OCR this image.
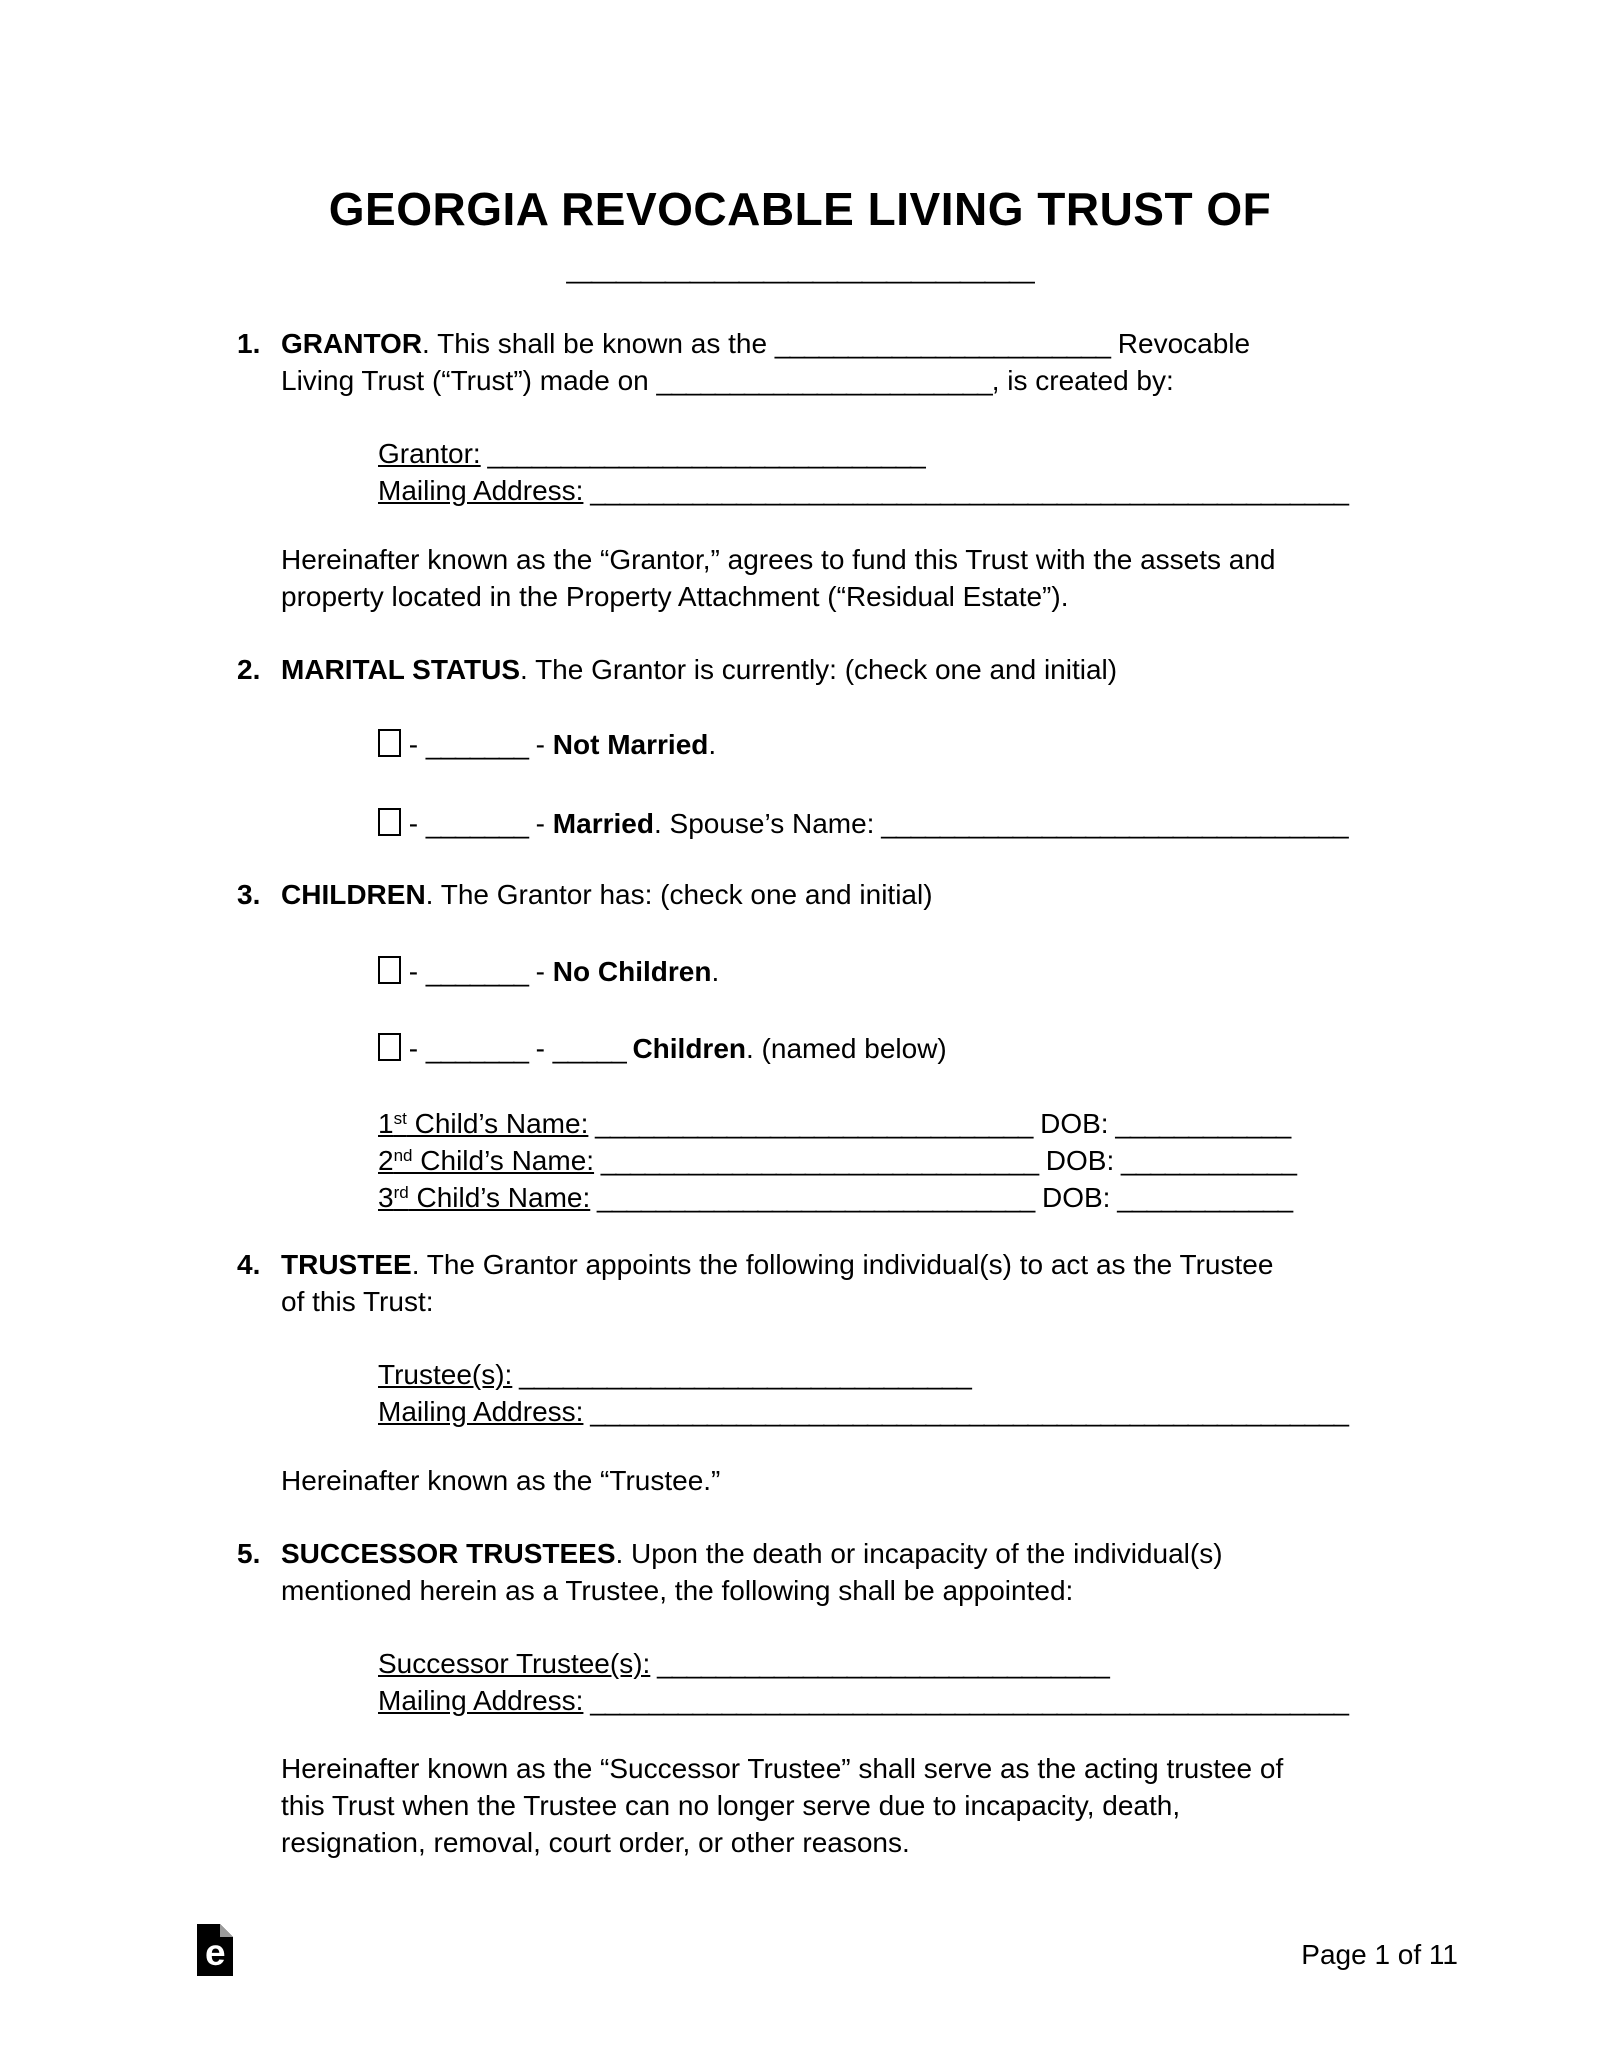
GEORGIA REVOCABLE LIVING TRUST OF
___________________
1. GRANTOR. This shall be known as the _______________________ Revocable
Living Trust (“Trust”) made on _______________________, is created by:
Grantor: ______________________________
Mailing Address: ____________________________________________________
Hereinafter known as the “Grantor,” agrees to fund this Trust with the assets and
property located in the Property Attachment (“Residual Estate”).
2. MARITAL STATUS. The Grantor is currently: (check one and initial)
- _______ - Not Married.
- _______ - Married. Spouse’s Name: ________________________________
3. CHILDREN. The Grantor has: (check one and initial)
- _______ - No Children.
- _______ - _____ Children. (named below)
1st Child’s Name: ______________________________ DOB: ____________
2nd Child’s Name: ______________________________ DOB: ____________
3rd Child’s Name: ______________________________ DOB: ____________
4. TRUSTEE. The Grantor appoints the following individual(s) to act as the Trustee
of this Trust:
Trustee(s): _______________________________
Mailing Address: ____________________________________________________
Hereinafter known as the “Trustee.”
5. SUCCESSOR TRUSTEES. Upon the death or incapacity of the individual(s)
mentioned herein as a Trustee, the following shall be appointed:
Successor Trustee(s): _______________________________
Mailing Address: ____________________________________________________
Hereinafter known as the “Successor Trustee” shall serve as the acting trustee of
this Trust when the Trustee can no longer serve due to incapacity, death,
resignation, removal, court order, or other reasons.
e	Page 1 of 11
